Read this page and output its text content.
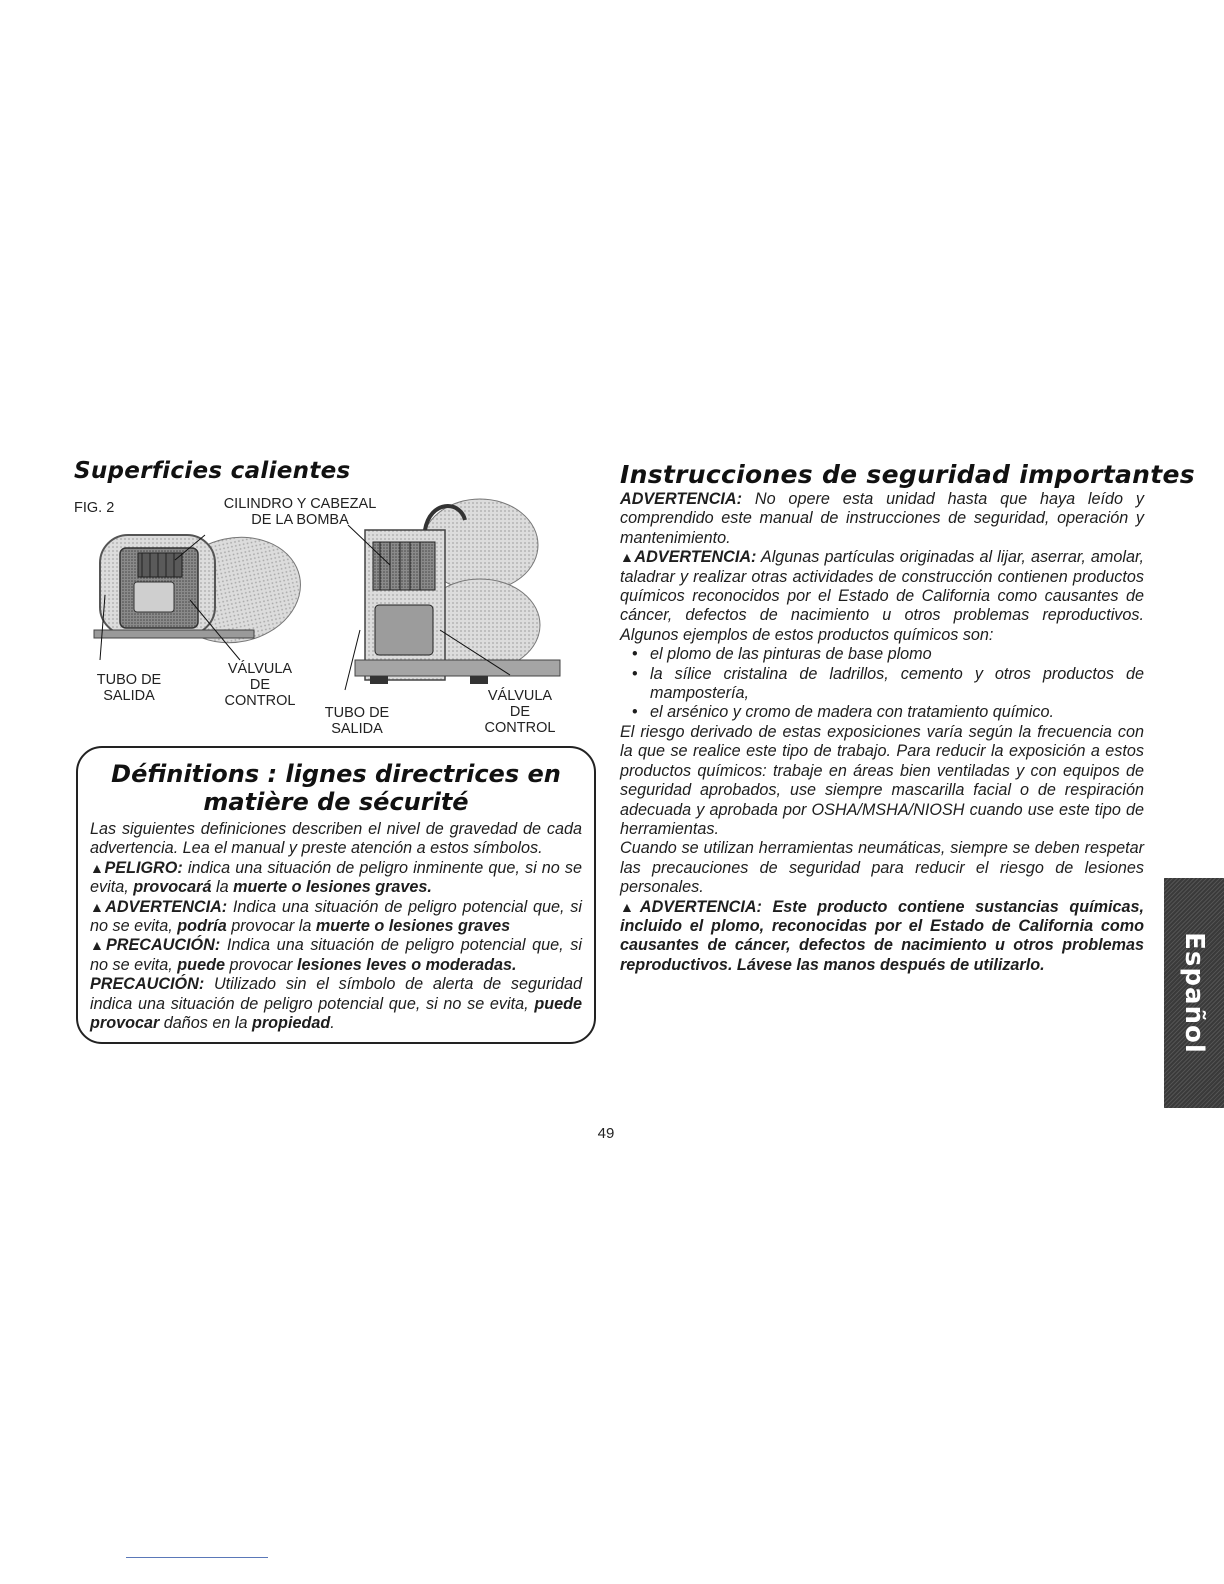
Superficies calientes
FIG. 2	CILINDRO Y CABEZAL
DE LA BOMBA
TUBO DE
SALIDA
VÁLVULA
DE
CONTROL
TUBO DE
SALIDA
VÁLVULA
DE
CONTROL
Définitions : lignes directrices en
matière de sécurité

Las siguientes definiciones describen el nivel de gravedad de cada advertencia. Lea el manual y preste atención a estos símbolos.

▲PELIGRO: indica una situación de peligro inminente que, si no se evita, provocará la muerte o lesiones graves.

▲ADVERTENCIA: Indica una situación de peligro potencial que, si no se evita, podría provocar la muerte o lesiones graves

▲PRECAUCIÓN: Indica una situación de peligro potencial que, si no se evita, puede provocar lesiones leves o moderadas.

PRECAUCIÓN: Utilizado sin el símbolo de alerta de seguridad indica una situación de peligro potencial que, si no se evita, puede provocar daños en la propiedad.

Instrucciones de seguridad importantes

ADVERTENCIA: No opere esta unidad hasta que haya leído y comprendido este manual de instrucciones de seguridad, operación y mantenimiento.

▲ADVERTENCIA: Algunas partículas originadas al lijar, aserrar, amolar, taladrar y realizar otras actividades de construcción contienen productos químicos reconocidos por el Estado de California como causantes de cáncer, defectos de nacimiento u otros problemas reproductivos. Algunos ejemplos de estos productos químicos son:

• el plomo de las pinturas de base plomo
• la sílice cristalina de ladrillos, cemento y otros productos de mampostería,
• el arsénico y cromo de madera con tratamiento químico.

El riesgo derivado de estas exposiciones varía según la frecuencia con la que se realice este tipo de trabajo. Para reducir la exposición a estos productos químicos: trabaje en áreas bien ventiladas y con equipos de seguridad aprobados, use siempre mascarilla facial o de respiración adecuada y aprobada por OSHA/MSHA/NIOSH cuando use este tipo de herramientas.

Cuando se utilizan herramientas neumáticas, siempre se deben respetar las precauciones de seguridad para reducir el riesgo de lesiones personales.

▲ADVERTENCIA: Este producto contiene sustancias químicas, incluido el plomo, reconocidas por el Estado de California como causantes de cáncer, defectos de nacimiento u otros problemas reproductivos. Lávese las manos después de utilizarlo.	Español
49
